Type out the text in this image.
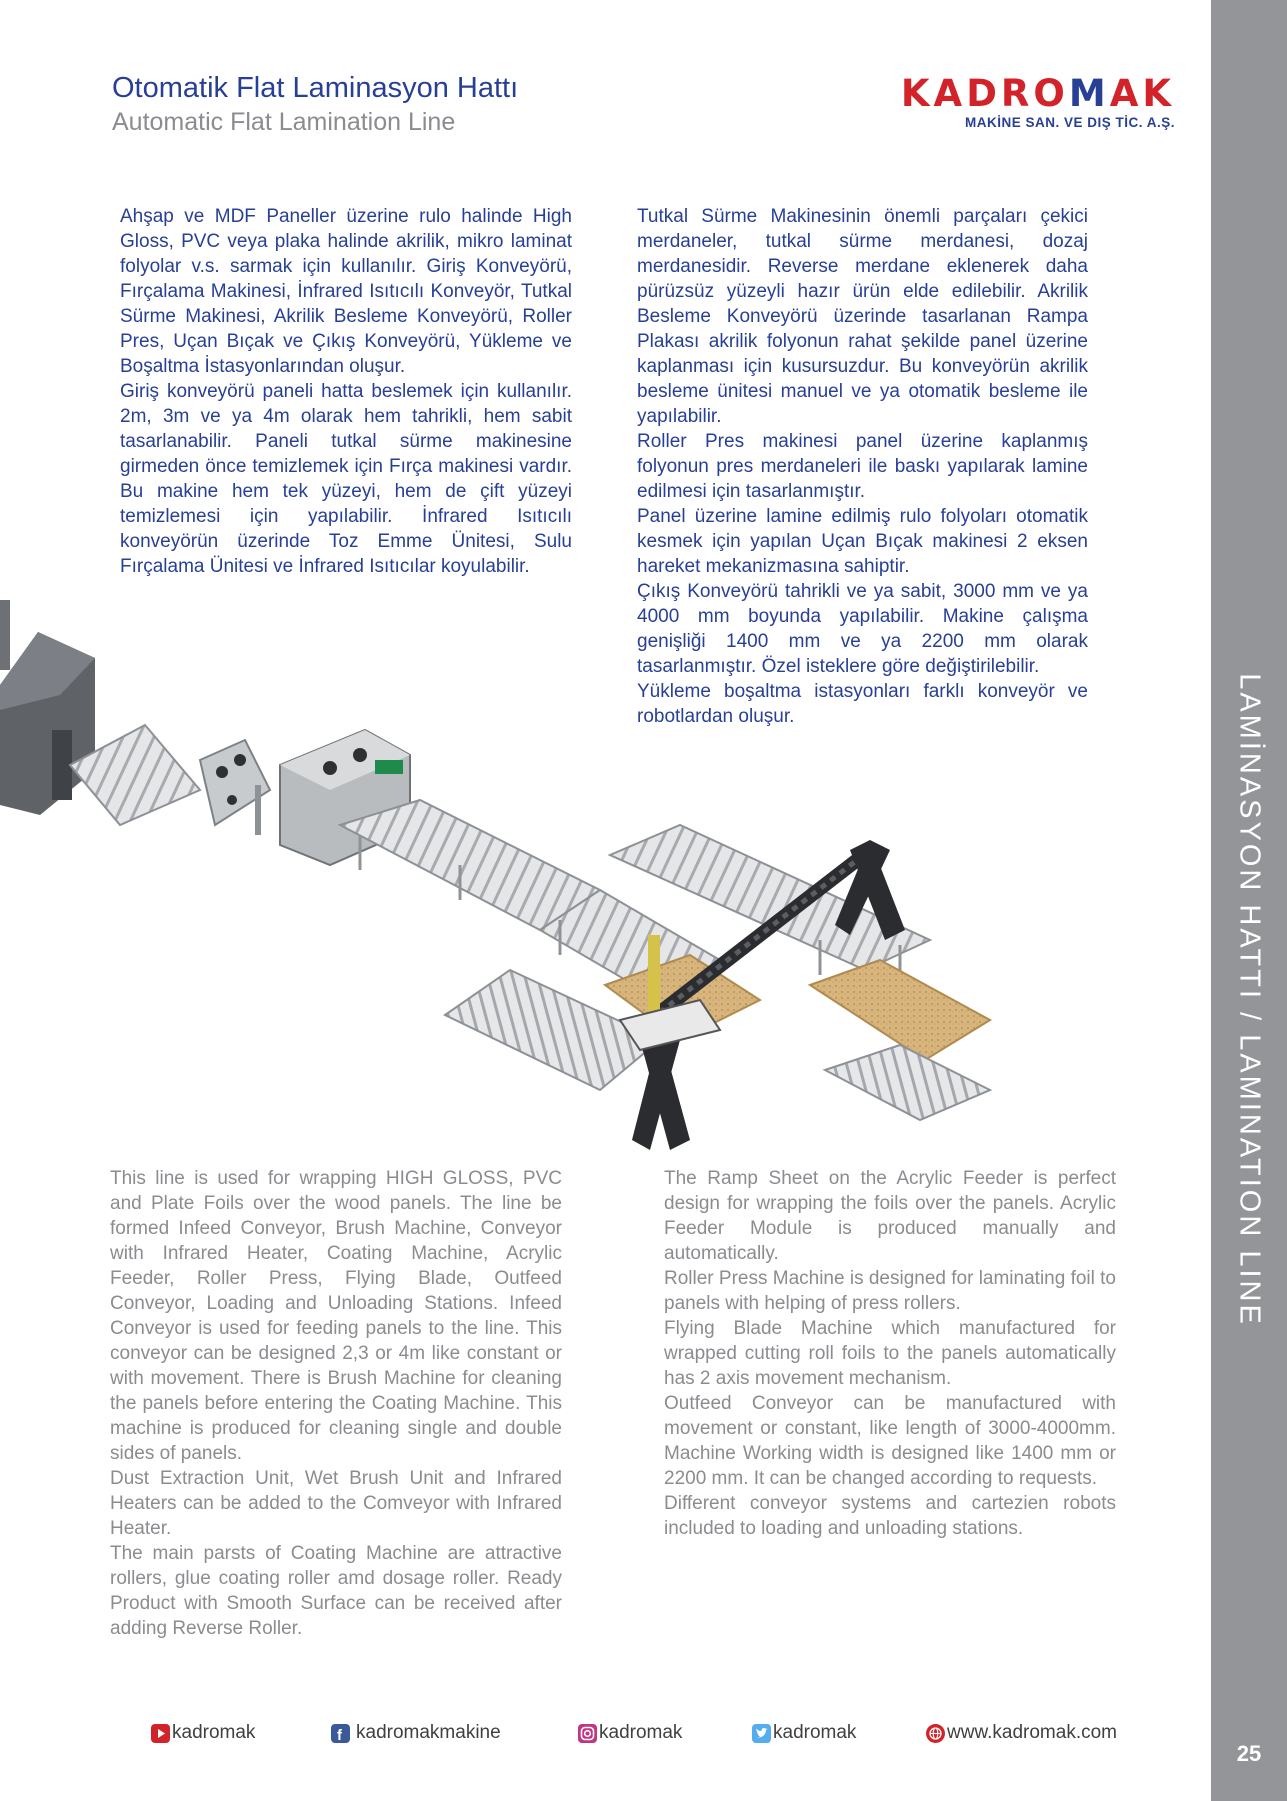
LAMİNASYON HATTI / LAMINATION LINE
25
Otomatik Flat Laminasyon Hattı
Automatic Flat Lamination Line
KADROMAK
MAKİNE SAN. VE DIŞ TİC. A.Ş.

Ahşap ve MDF Paneller üzerine rulo halinde High Gloss, PVC veya plaka halinde akrilik, mikro laminat folyolar v.s. sarmak için kullanılır. Giriş Konveyörü, Fırçalama Makinesi, İnfrared Isıtıcılı Konveyör, Tutkal Sürme Makinesi, Akrilik Besleme Konveyörü, Roller Pres, Uçan Bıçak ve Çıkış Konveyörü, Yükleme ve Boşaltma İstasyonlarından oluşur.

Giriş konveyörü paneli hatta beslemek için kullanılır. 2m, 3m ve ya 4m olarak hem tahrikli, hem sabit tasarlanabilir. Paneli tutkal sürme makinesine girmeden önce temizlemek için Fırça makinesi vardır. Bu makine hem tek yüzeyi, hem de çift yüzeyi temizlemesi için yapılabilir. İnfrared Isıtıcılı konveyörün üzerinde Toz Emme Ünitesi, Sulu Fırçalama Ünitesi ve İnfrared Isıtıcılar koyulabilir.

Tutkal Sürme Makinesinin önemli parçaları çekici merdaneler, tutkal sürme merdanesi, dozaj merdanesidir. Reverse merdane eklenerek daha pürüzsüz yüzeyli hazır ürün elde edilebilir. Akrilik Besleme Konveyörü üzerinde tasarlanan Rampa Plakası akrilik folyonun rahat şekilde panel üzerine kaplanması için kusursuzdur. Bu konveyörün akrilik besleme ünitesi manuel ve ya otomatik besleme ile yapılabilir.

Roller Pres makinesi panel üzerine kaplanmış folyonun pres merdaneleri ile baskı yapılarak lamine edilmesi için tasarlanmıştır.

Panel üzerine lamine edilmiş rulo folyoları otomatik kesmek için yapılan Uçan Bıçak makinesi 2 eksen hareket mekanizmasına sahiptir.

Çıkış Konveyörü tahrikli ve ya sabit, 3000 mm ve ya 4000 mm boyunda yapılabilir. Makine çalışma genişliği 1400 mm ve ya 2200 mm olarak tasarlanmıştır. Özel isteklere göre değiştirilebilir.

Yükleme boşaltma istasyonları farklı konveyör ve robotlardan oluşur.

This line is used for wrapping HIGH GLOSS, PVC and Plate Foils over the wood panels. The line be formed Infeed Conveyor, Brush Machine, Conveyor with Infrared Heater, Coating Machine, Acrylic Feeder, Roller Press, Flying Blade, Outfeed Conveyor, Loading and Unloading Stations. Infeed Conveyor is used for feeding panels to the line. This conveyor can be designed 2,3 or 4m like constant or with movement. There is Brush Machine for cleaning the panels before entering the Coating Machine. This machine is produced for cleaning single and double sides of panels.

Dust Extraction Unit, Wet Brush Unit and Infrared Heaters can be added to the Comveyor with Infrared Heater.

The main parsts of Coating Machine are attractive rollers, glue coating roller amd dosage roller. Ready Product with Smooth Surface can be received after adding Reverse Roller.

The Ramp Sheet on the Acrylic Feeder is perfect design for wrapping the foils over the panels. Acrylic Feeder Module is produced manually and automatically.

Roller Press Machine is designed for laminating foil to panels with helping of press rollers.

Flying Blade Machine which manufactured for wrapped cutting roll foils to the panels automatically has 2 axis movement mechanism.

Outfeed Conveyor can be manufactured with movement or constant, like length of 3000-4000mm. Machine Working width is designed like 1400 mm or 2200 mm. It can be changed according to requests.

Different conveyor systems and cartezien robots included to loading and unloading stations.

kadromak	f kadromakmakine	kadromak	kadromak	www.kadromak.com
